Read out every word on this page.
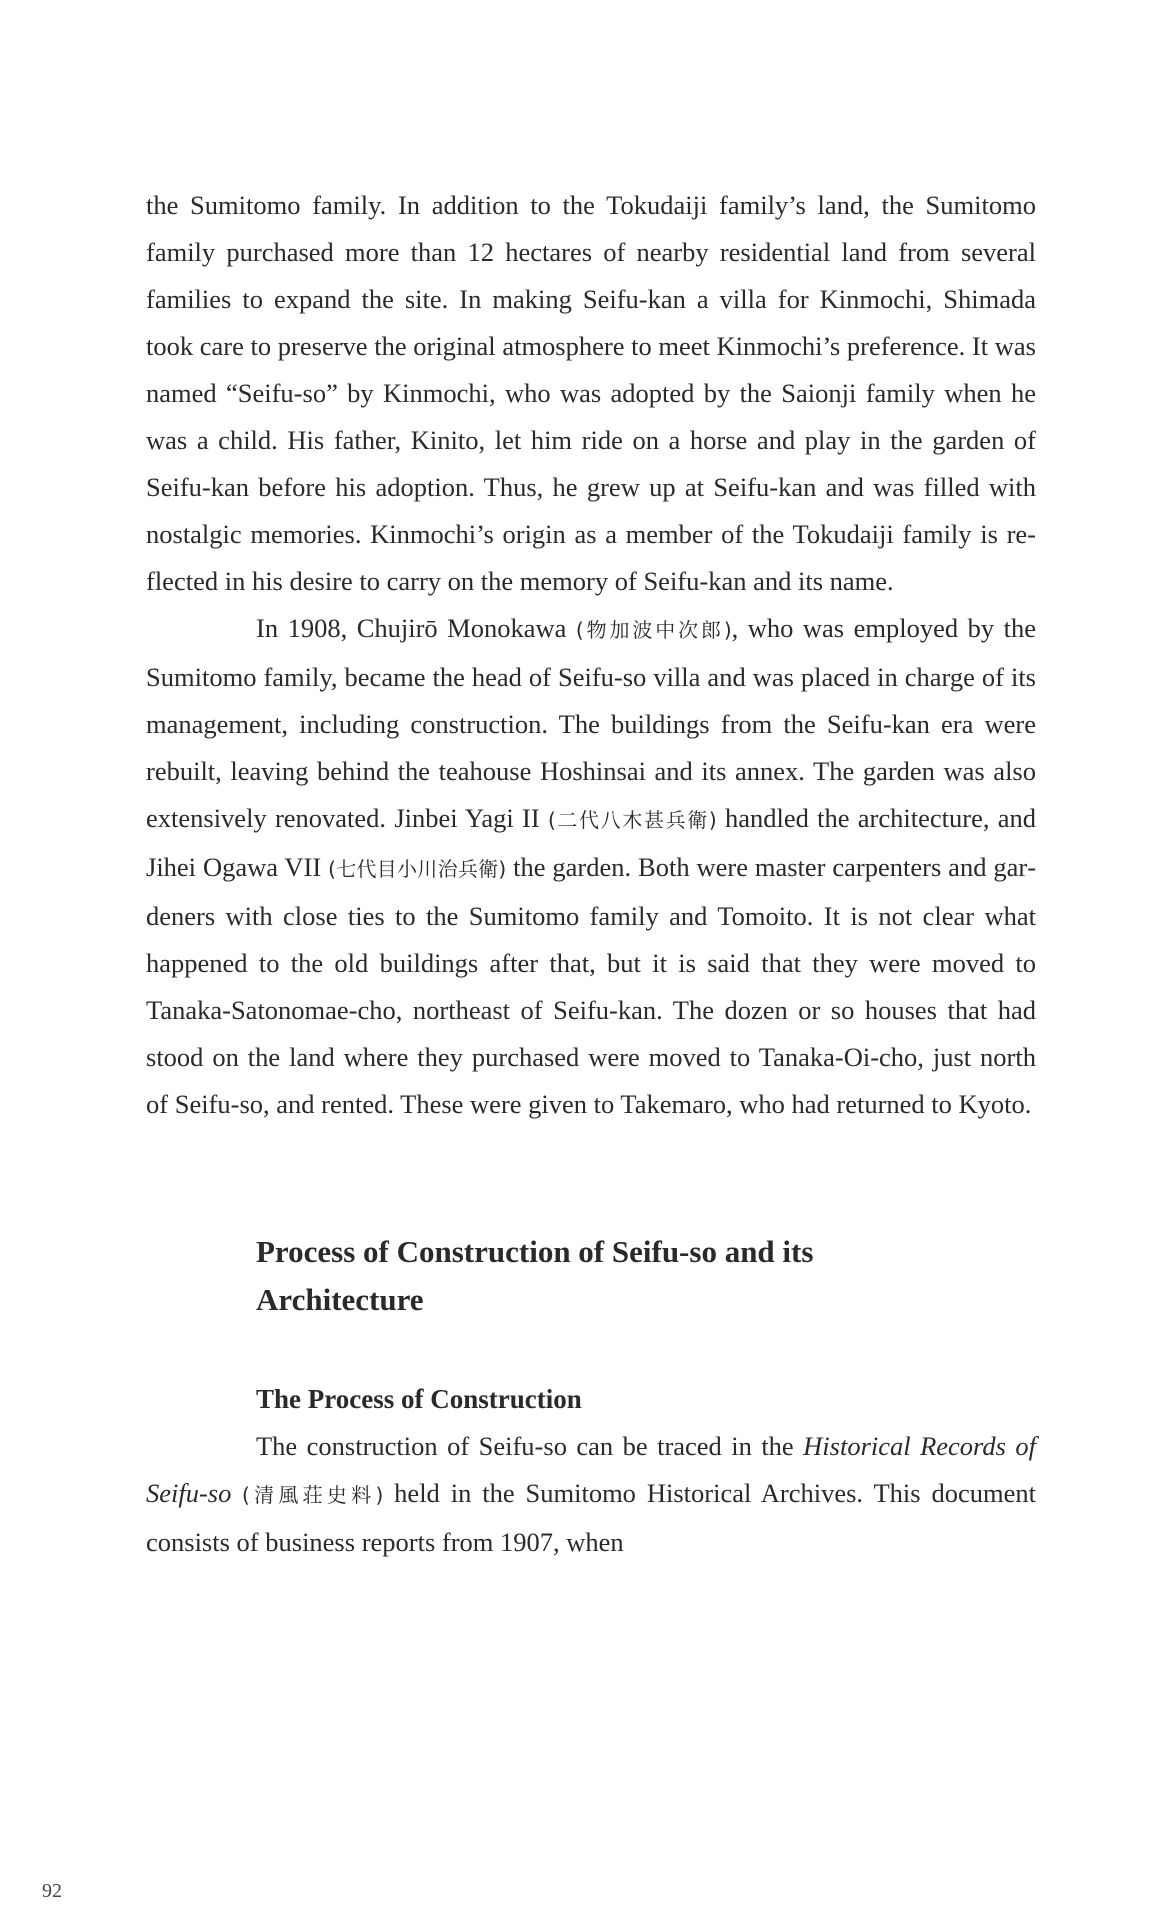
the Sumitomo family. In addition to the Tokudaiji family’s land, the Sumitomo family purchased more than 12 hectares of nearby residential land from several families to expand the site. In making Seifu-kan a villa for Kinmochi, Shimada took care to preserve the original atmosphere to meet Kinmochi’s preference. It was named “Seifu-so” by Kinmochi, who was adopted by the Saionji family when he was a child. His father, Kinito, let him ride on a horse and play in the garden of Seifu-kan before his adoption. Thus, he grew up at Seifu-kan and was filled with nostalgic memories. Kinmochi’s origin as a member of the Tokudaiji family is reflected in his desire to carry on the memory of Seifu-kan and its name.

In 1908, Chujirō Monokawa (物加波中次郎), who was employed by the Sumitomo family, became the head of Seifu-so villa and was placed in charge of its management, including construction. The buildings from the Seifu-kan era were rebuilt, leaving behind the teahouse Hoshinsai and its annex. The garden was also extensively renovated. Jinbei Yagi II (二代八木甚兵衛) handled the architecture, and Jihei Ogawa VII (七代目小川治兵衛) the garden. Both were master carpenters and gardeners with close ties to the Sumitomo family and Tomoito. It is not clear what happened to the old buildings after that, but it is said that they were moved to Tanaka-Satonomae-cho, northeast of Seifu-kan. The dozen or so houses that had stood on the land where they purchased were moved to Tanaka-Oi-cho, just north of Seifu-so, and rented. These were given to Takemaro, who had returned to Kyoto.

Process of Construction of Seifu-so and its
Architecture
The Process of Construction

The construction of Seifu-so can be traced in the Historical Records of Seifu-so (清風荘史料) held in the Sumitomo Historical Archives. This document consists of business reports from 1907, when

92
